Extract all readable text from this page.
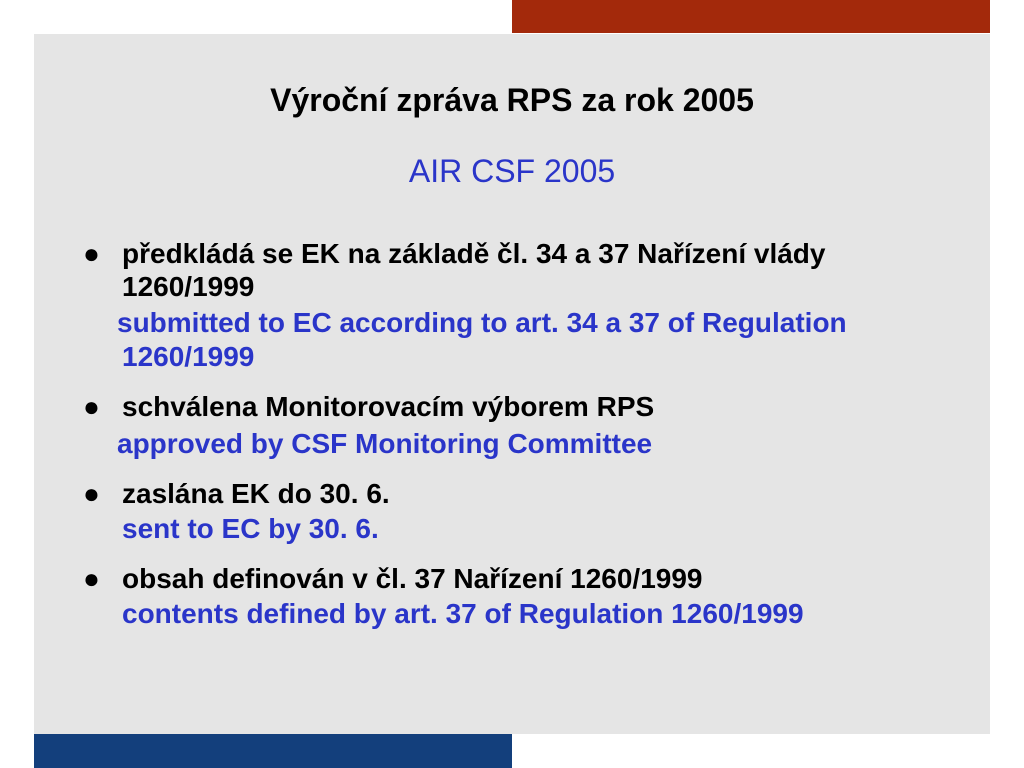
Výroční zpráva RPS za rok 2005
AIR CSF 2005
● předkládá se EK na základě čl. 34 a 37 Nařízení vlády
1260/1999
submitted to EC according to art. 34 a 37 of Regulation
1260/1999
● schválena Monitorovacím výborem RPS
approved by CSF Monitoring Committee
● zaslána EK do 30. 6.
sent to EC by 30. 6.
● obsah definován v čl. 37 Nařízení 1260/1999
contents defined by art. 37 of Regulation 1260/1999
